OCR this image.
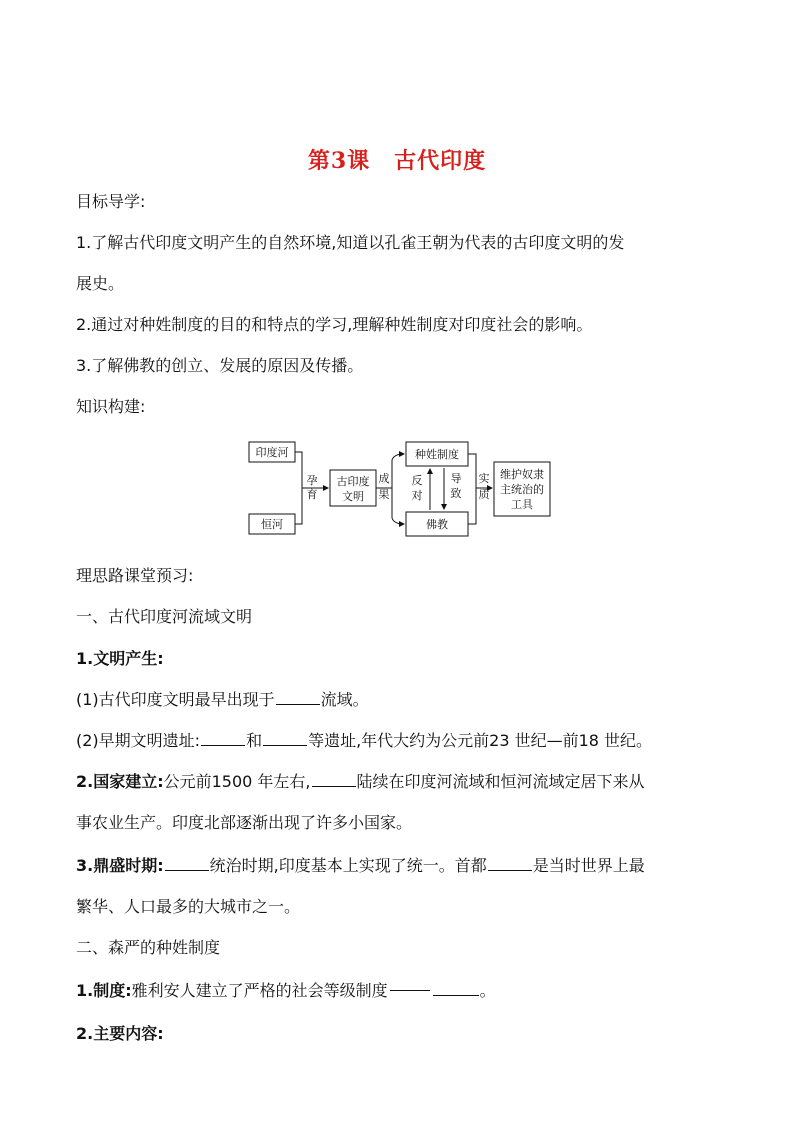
第3课 古代印度
目标导学:
1.了解古代印度文明产生的自然环境,知道以孔雀王朝为代表的古印度文明的发
展史。
2.通过对种姓制度的目的和特点的学习,理解种姓制度对印度社会的影响。
3.了解佛教的创立、发展的原因及传播。
知识构建:
印度河
恒河
孕
育
古印度
文明
成
果
种姓制度
佛教
反
对
导
致
实
质
维护奴隶
主统治的
工具
理思路课堂预习:
一、古代印度河流域文明
1.文明产生:
(1)古代印度文明最早出现于	流域。
(2)早期文明遗址:	和	等遗址,年代大约为公元前23 世纪—前18 世纪。
2.国家建立:公元前1500 年左右,	陆续在印度河流域和恒河流域定居下来从
事农业生产。印度北部逐渐出现了许多小国家。
3.鼎盛时期:	统治时期,印度基本上实现了统一。首都	是当时世界上最
繁华、人口最多的大城市之一。
二、森严的种姓制度
1.制度:雅利安人建立了严格的社会等级制度	。
2.主要内容:
